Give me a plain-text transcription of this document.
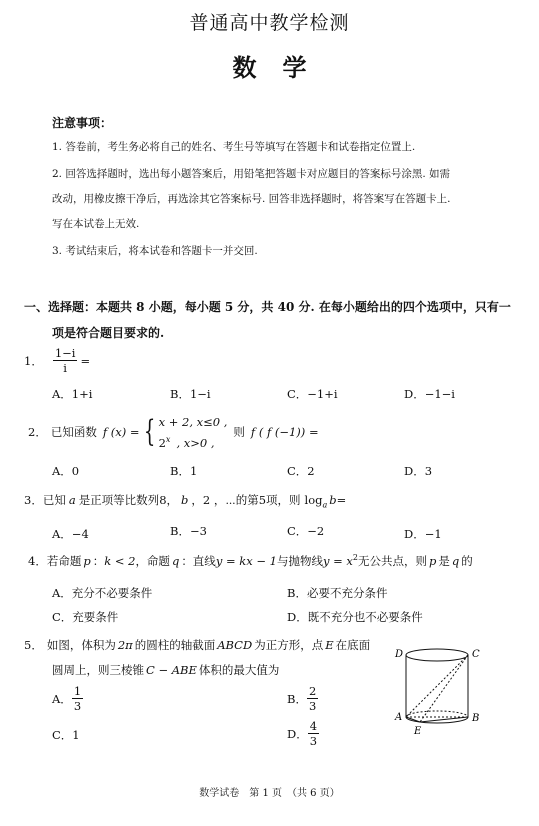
普通高中教学检测
数学
注意事项：
1. 答卷前，考生务必将自己的姓名、考生号等填写在答题卡和试卷指定位置上.
2. 回答选择题时，选出每小题答案后，用铅笔把答题卡对应题目的答案标号涂黑. 如需
改动，用橡皮擦干净后，再选涂其它答案标号. 回答非选择题时，将答案写在答题卡上.
写在本试卷上无效.
3. 考试结束后，将本试卷和答题卡一并交回.
一、选择题：本题共 8 小题，每小题 5 分，共 40 分. 在每小题给出的四个选项中，只有一
项是符合题目要求的.
1． $\frac{1-i}{i}$ =
A．1+i	B．1−i	C．−1+i	D．−1−i
2． 已知函数 f (x) = { x + 2, x≤0 ,
2$^x$ , x>0 ,
则 f ( f (−1)) =
A．0	B．1	C．2	D．3
3．已知 a 是正项等比数列8， b ，2 ，⋯的第5项，则 $\log_a b=$
A．−4	B．−3	C．−2	D．−1
4．若命题 p ：k < 2，命题 q ：直线y = kx − 1与抛物线$y = x^2$无公共点，则 p 是 q 的
A．充分不必要条件	B．必要不充分条件
C．充要条件	D．既不充分也不必要条件
5． 如图，体积为 2π 的圆柱的轴截面 ABCD 为正方形，点 E 在底面
圆周上，则三棱锥 C − ABE 体积的最大值为
A． $\frac{1}{3}$	B． $\frac{2}{3}$
C．1	D． $\frac{4}{3}$
D	C
A	B
E
数学试卷　第 1 页　（共 6 页）
